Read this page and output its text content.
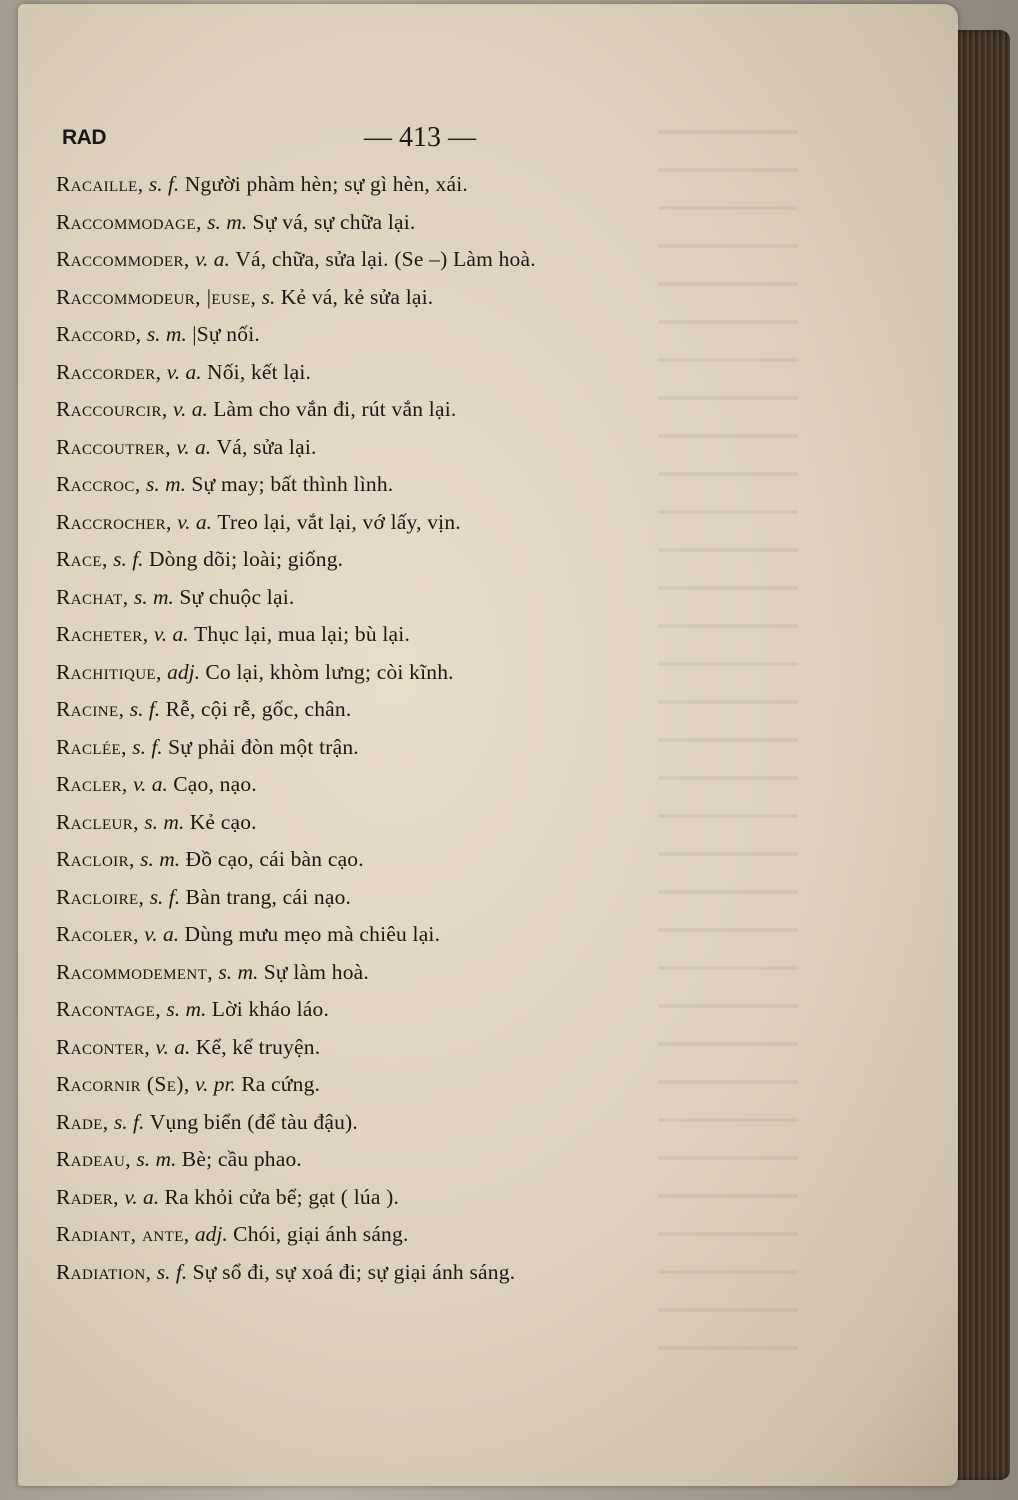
RAD	— 413 —
Racaille, s. f. Người phàm hèn; sự gì hèn, xái.
Raccommodage, s. m. Sự vá, sự chữa lại.
Raccommoder, v. a. Vá, chữa, sửa lại. (Se –) Làm hoà.
Raccommodeur, |euse, s. Kẻ vá, kẻ sửa lại.
Raccord, s. m. |Sự nối.
Raccorder, v. a. Nối, kết lại.
Raccourcir, v. a. Làm cho vắn đi, rút vắn lại.
Raccoutrer, v. a. Vá, sửa lại.
Raccroc, s. m. Sự may; bất thình lình.
Raccrocher, v. a. Treo lại, vắt lại, vớ lấy, vịn.
Race, s. f. Dòng dõi; loài; giống.
Rachat, s. m. Sự chuộc lại.
Racheter, v. a. Thục lại, mua lại; bù lại.
Rachitique, adj. Co lại, khòm lưng; còi kĩnh.
Racine, s. f. Rễ, cội rễ, gốc, chân.
Raclée, s. f. Sự phải đòn một trận.
Racler, v. a. Cạo, nạo.
Racleur, s. m. Kẻ cạo.
Racloir, s. m. Đồ cạo, cái bàn cạo.
Racloire, s. f. Bàn trang, cái nạo.
Racoler, v. a. Dùng mưu mẹo mà chiêu lại.
Racommodement, s. m. Sự làm hoà.
Racontage, s. m. Lời kháo láo.
Raconter, v. a. Kể, kể truyện.
Racornir (Se), v. pr. Ra cứng.
Rade, s. f. Vụng biển (để tàu đậu).
Radeau, s. m. Bè; cầu phao.
Rader, v. a. Ra khỏi cửa bể; gạt ( lúa ).
Radiant, ante, adj. Chói, giại ánh sáng.
Radiation, s. f. Sự sổ đi, sự xoá đi; sự giại ánh sáng.
